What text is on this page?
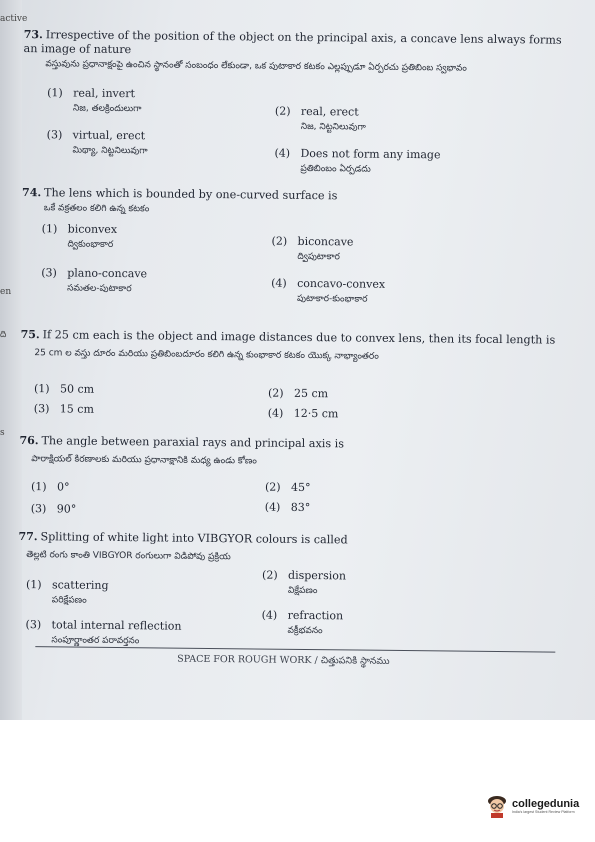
active
en
ది
s
73. Irrespective of the position of the object on the principal axis, a concave lens always forms an image of nature
వస్తువును ప్రధానాక్షంపై ఉంచిన స్థానంతో సంబంధం లేకుండా, ఒక పుటాకార కటకం ఎల్లప్పుడూ ఏర్పరచు ప్రతిబింబ స్వభావం
(1) real, invert
నిజ, తలక్రిందులుగా	(2) real, erect
నిజ, నిట్టనిలువుగా
(3) virtual, erect
మిథ్యా, నిట్టనిలువుగా	(4) Does not form any image
ప్రతిబింబం ఏర్పడదు
74. The lens which is bounded by one-curved surface is
ఒకే వక్రతలం కలిగి ఉన్న కటకం
(1) biconvex
ద్వికుంభాకార	(2) biconcave
ద్విపుటాకార
(3) plano-concave
సమతల-పుటాకార	(4) concavo-convex
పుటాకార-కుంభాకార
75. If 25 cm each is the object and image distances due to convex lens, then its focal length is
25 cm ల వస్తు దూరం మరియు ప్రతిబింబదూరం కలిగి ఉన్న కుంభాకార కటకం యొక్క నాభ్యాంతరం
(1) 50 cm	(2) 25 cm
(3) 15 cm	(4) 12·5 cm
76. The angle between paraxial rays and principal axis is
పారాక్షియల్ కిరణాలకు మరియు ప్రధానాక్షానికి మధ్య ఉండు కోణం
(1) 0°	(2) 45°
(3) 90°	(4) 83°
77. Splitting of white light into VIBGYOR colours is called
తెల్లటి రంగు కాంతి VIBGYOR రంగులుగా విడిపోవు ప్రక్రియ
(1) scattering
పరిక్షేపణం
(2) dispersion
విక్షేపణం
(3) total internal reflection
సంపూర్ణాంతర పరావర్తనం
(4) refraction
వక్రీభవనం
SPACE FOR ROUGH WORK / చిత్తుపనికి స్థానము
collegedunia
India's largest Student Review Platform
